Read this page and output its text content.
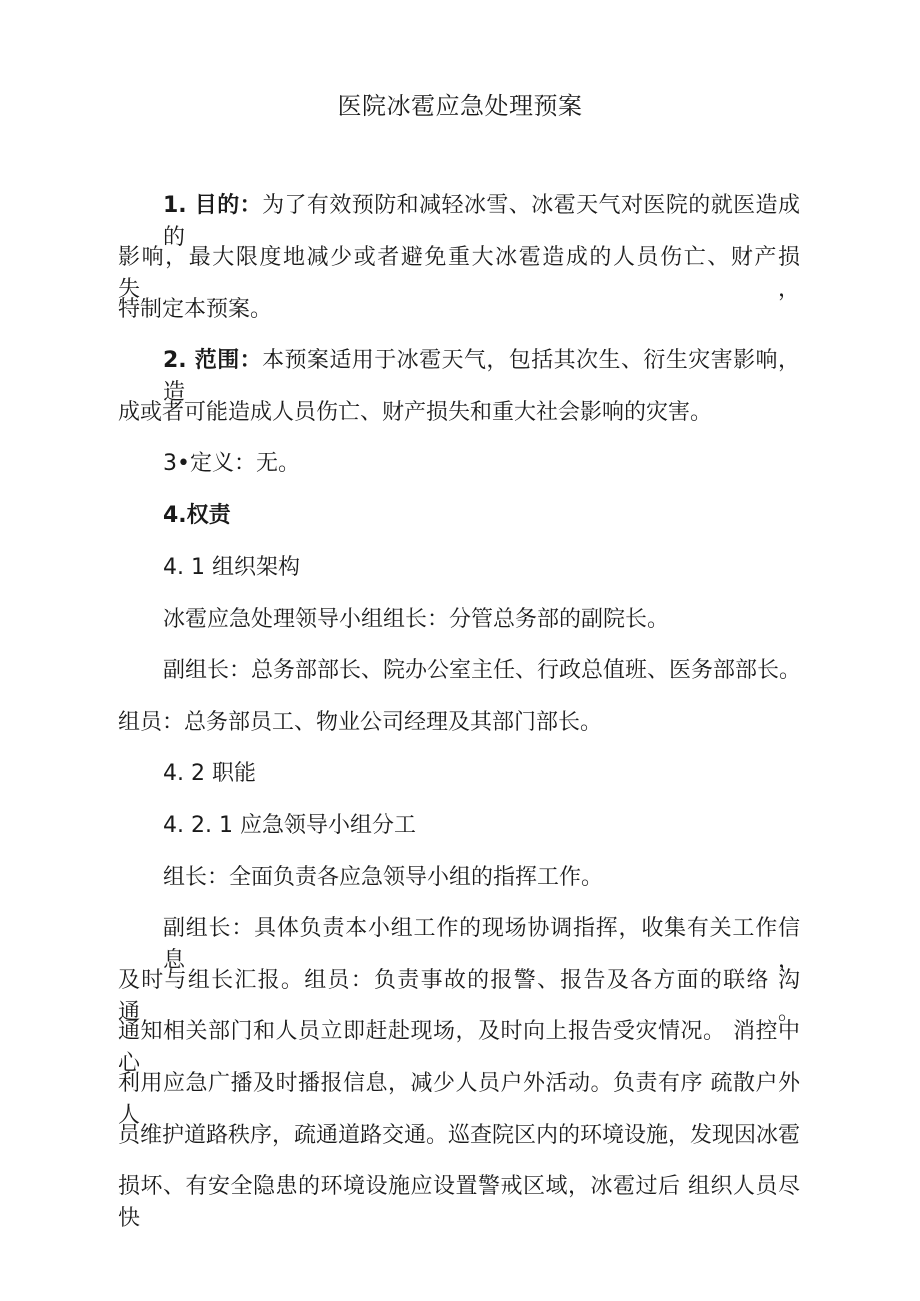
医院冰雹应急处理预案
1. 目的：为了有效预防和减轻冰雪、冰雹天气对医院的就医造成 的
影响，最大限度地减少或者避免重大冰雹造成的人员伤亡、财产损 失，
特制定本预案。
2. 范围：本预案适用于冰雹天气，包括其次生、衍生灾害影响，造
成或者可能造成人员伤亡、财产损失和重大社会影响的灾害。
3•定义：无。
4.权责
4. 1 组织架构
冰雹应急处理领导小组组长：分管总务部的副院长。
副组长：总务部部长、院办公室主任、行政总值班、医务部部长。
组员：总务部员工、物业公司经理及其部门部长。
4. 2 职能
4. 2. 1 应急领导小组分工
组长：全面负责各应急领导小组的指挥工作。
副组长：具体负责本小组工作的现场协调指挥，收集有关工作信 息，
及时与组长汇报。组员：负责事故的报警、报告及各方面的联络 沟通。
通知相关部门和人员立即赶赴现场，及时向上报告受灾情况。 消控中心
利用应急广播及时播报信息，减少人员户外活动。负责有序 疏散户外人
员维护道路秩序，疏通道路交通。巡查院区内的环境设施，发现因冰雹
损坏、有安全隐患的环境设施应设置警戒区域，冰雹过后 组织人员尽快
